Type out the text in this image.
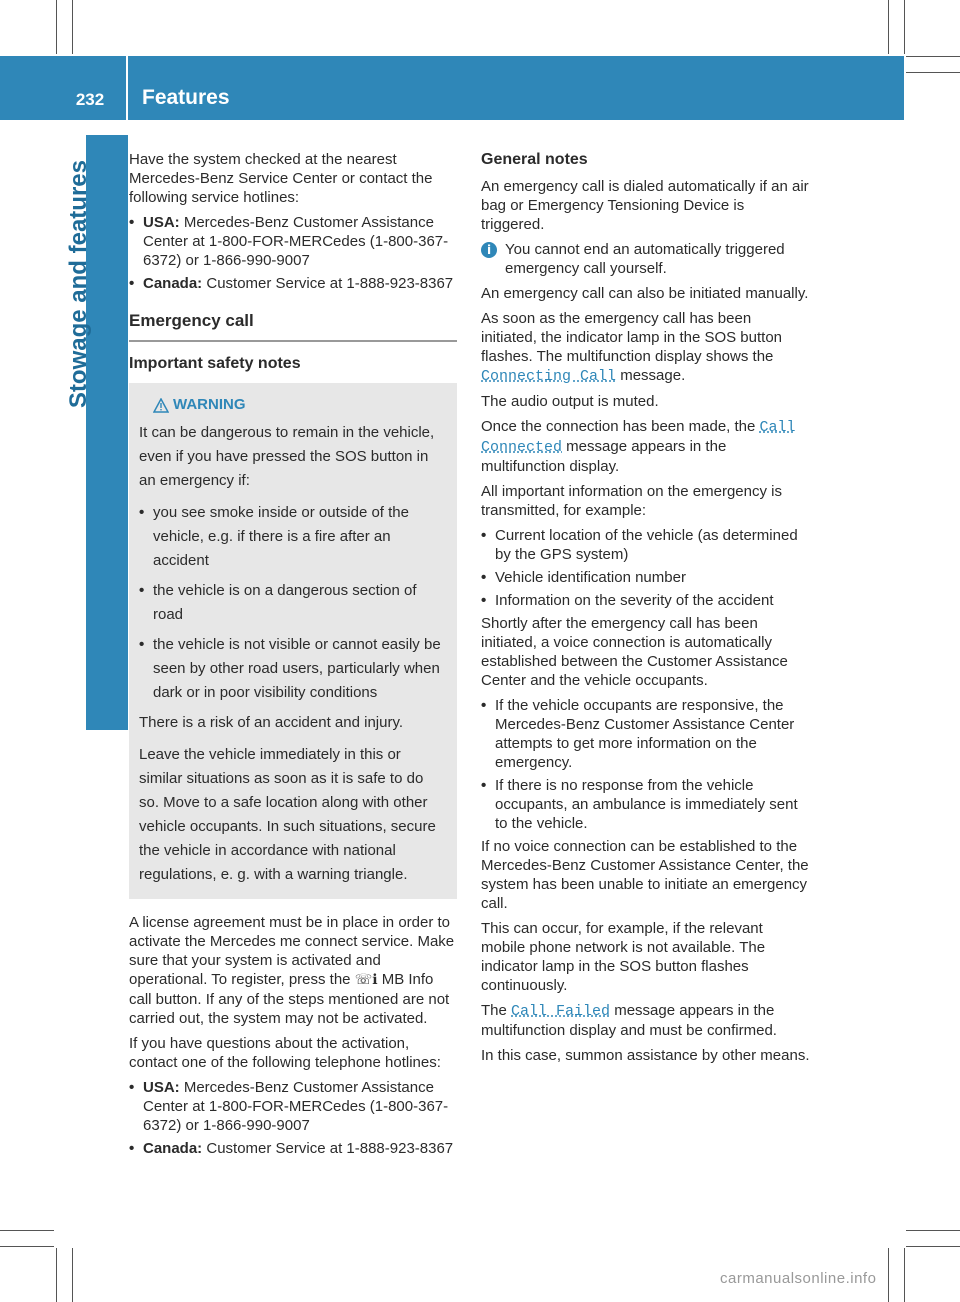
232	Features
Stowage and features

Have the system checked at the nearest Mercedes-Benz Service Center or contact the following service hotlines:

• USA: Mercedes-Benz Customer Assistance Center at 1-800-FOR-MERCedes (1-800-367-6372) or 1-866-990-9007
• Canada: Customer Service at 1-888-923-8367
Emergency call
Important safety notes
WARNING

It can be dangerous to remain in the vehicle, even if you have pressed the SOS button in an emergency if:

• you see smoke inside or outside of the vehicle, e.g. if there is a fire after an accident
• the vehicle is on a dangerous section of road
• the vehicle is not visible or cannot easily be seen by other road users, particularly when dark or in poor visibility conditions

There is a risk of an accident and injury.

Leave the vehicle immediately in this or similar situations as soon as it is safe to do so. Move to a safe location along with other vehicle occupants. In such situations, secure the vehicle in accordance with national regulations, e. g. with a warning triangle.

A license agreement must be in place in order to activate the Mercedes me connect service. Make sure that your system is activated and operational. To register, press the ☏ℹ MB Info call button. If any of the steps mentioned are not carried out, the system may not be activated.

If you have questions about the activation, contact one of the following telephone hotlines:

• USA: Mercedes-Benz Customer Assistance Center at 1-800-FOR-MERCedes (1-800-367-6372) or 1-866-990-9007
• Canada: Customer Service at 1-888-923-8367
General notes

An emergency call is dialed automatically if an air bag or Emergency Tensioning Device is triggered.

i You cannot end an automatically triggered emergency call yourself.

An emergency call can also be initiated manually.

As soon as the emergency call has been initiated, the indicator lamp in the SOS button flashes. The multifunction display shows the Connecting Call message.

The audio output is muted.

Once the connection has been made, the Call Connected message appears in the multifunction display.

All important information on the emergency is transmitted, for example:

• Current location of the vehicle (as determined by the GPS system)
• Vehicle identification number
• Information on the severity of the accident

Shortly after the emergency call has been initiated, a voice connection is automatically established between the Customer Assistance Center and the vehicle occupants.

• If the vehicle occupants are responsive, the Mercedes-Benz Customer Assistance Center attempts to get more information on the emergency.
• If there is no response from the vehicle occupants, an ambulance is immediately sent to the vehicle.

If no voice connection can be established to the Mercedes-Benz Customer Assistance Center, the system has been unable to initiate an emergency call.

This can occur, for example, if the relevant mobile phone network is not available. The indicator lamp in the SOS button flashes continuously.

The Call Failed message appears in the multifunction display and must be confirmed.

In this case, summon assistance by other means.

carmanualsonline.info
